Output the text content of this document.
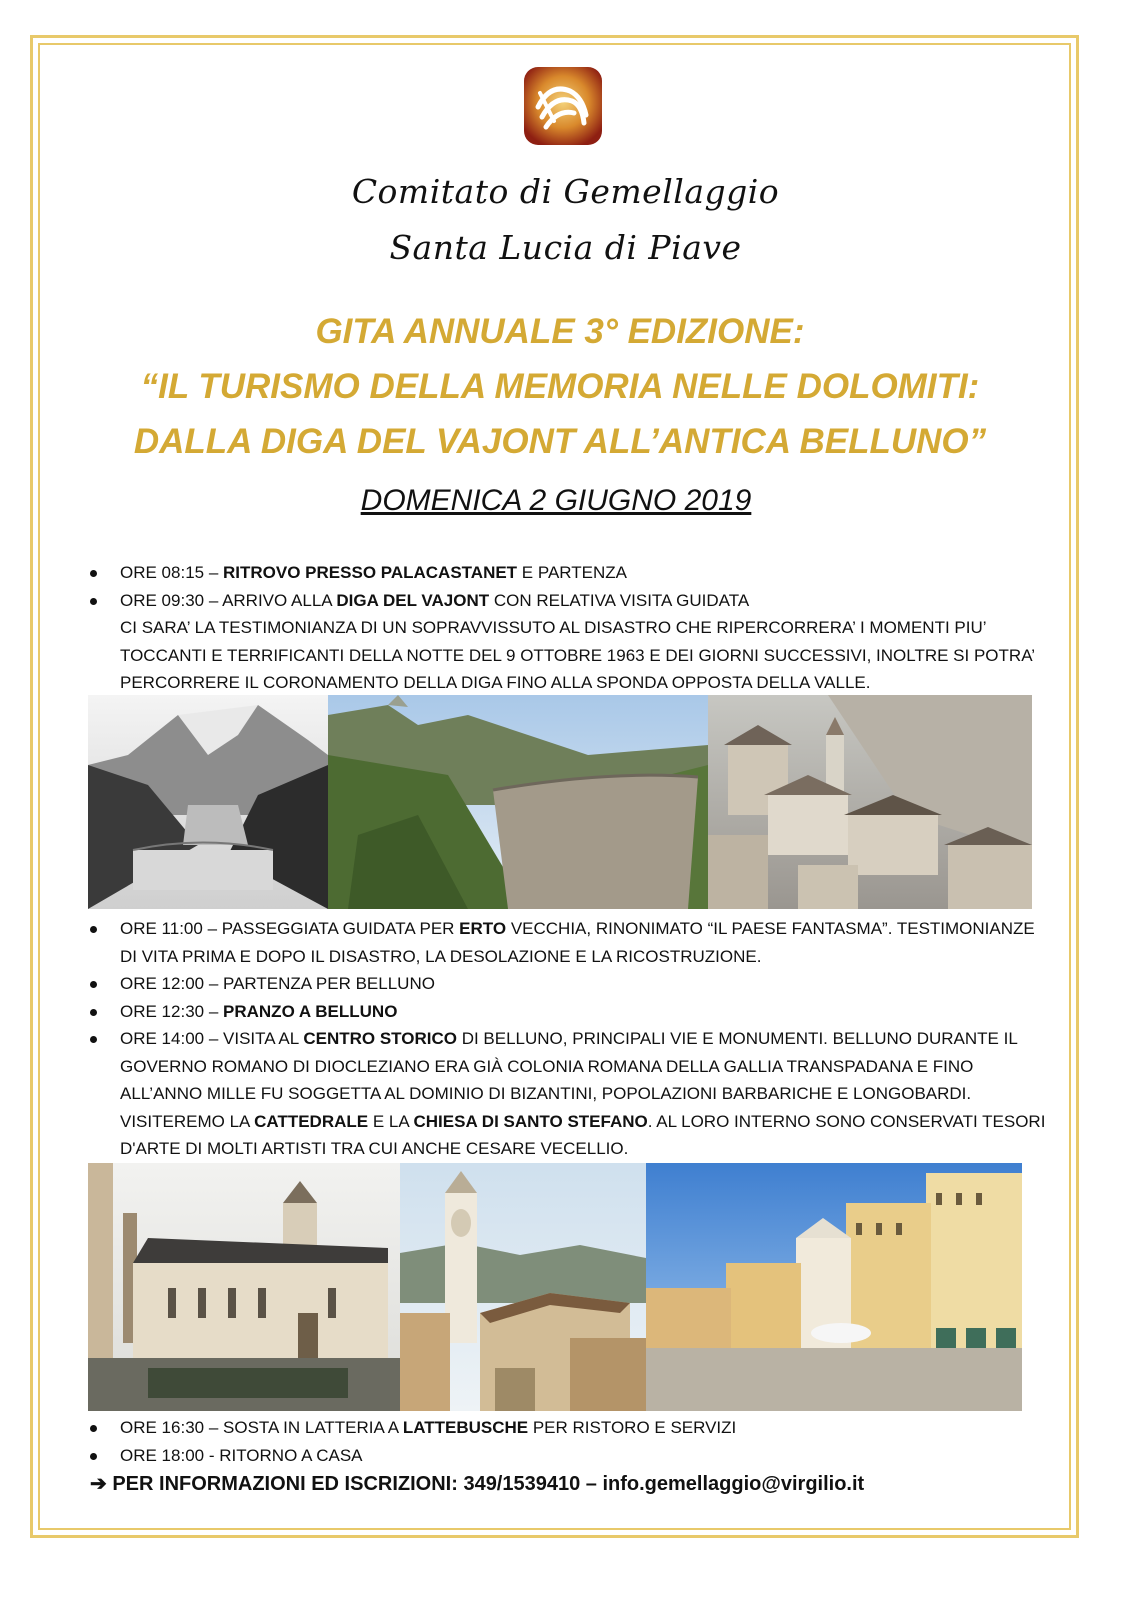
Comitato di Gemellaggio
Santa Lucia di Piave
GITA ANNUALE 3° EDIZIONE:
“IL TURISMO DELLA MEMORIA NELLE DOLOMITI:
DALLA DIGA DEL VAJONT ALL’ANTICA BELLUNO”
DOMENICA 2 GIUGNO 2019
ORE 08:15 – RITROVO PRESSO PALACASTANET E PARTENZA
ORE 09:30 – ARRIVO ALLA DIGA DEL VAJONT CON RELATIVA VISITA GUIDATA
CI SARA’ LA TESTIMONIANZA DI UN SOPRAVVISSUTO AL DISASTRO CHE RIPERCORRERA’ I MOMENTI PIU’ TOCCANTI E TERRIFICANTI DELLA NOTTE DEL 9 OTTOBRE 1963 E DEI GIORNI SUCCESSIVI, INOLTRE SI POTRA’ PERCORRERE IL CORONAMENTO DELLA DIGA FINO ALLA SPONDA OPPOSTA DELLA VALLE.
ORE 11:00 – PASSEGGIATA GUIDATA PER ERTO VECCHIA, RINONIMATO “IL PAESE FANTASMA”. TESTIMONIANZE DI VITA PRIMA E DOPO IL DISASTRO, LA DESOLAZIONE E LA RICOSTRUZIONE.
ORE 12:00 – PARTENZA PER BELLUNO
ORE 12:30 – PRANZO A BELLUNO
ORE 14:00 – VISITA AL CENTRO STORICO DI BELLUNO, PRINCIPALI VIE E MONUMENTI. BELLUNO DURANTE IL GOVERNO ROMANO DI DIOCLEZIANO ERA GIÀ COLONIA ROMANA DELLA GALLIA TRANSPADANA E FINO ALL’ANNO MILLE FU SOGGETTA AL DOMINIO DI BIZANTINI, POPOLAZIONI BARBARICHE E LONGOBARDI. VISITEREMO LA CATTEDRALE E LA CHIESA DI SANTO STEFANO. AL LORO INTERNO SONO CONSERVATI TESORI D'ARTE DI MOLTI ARTISTI TRA CUI ANCHE CESARE VECELLIO.
ORE 16:30 – SOSTA IN LATTERIA A LATTEBUSCHE PER RISTORO E SERVIZI
ORE 18:00 - RITORNO A CASA
➔ PER INFORMAZIONI ED ISCRIZIONI: 349/1539410 – info.gemellaggio@virgilio.it
